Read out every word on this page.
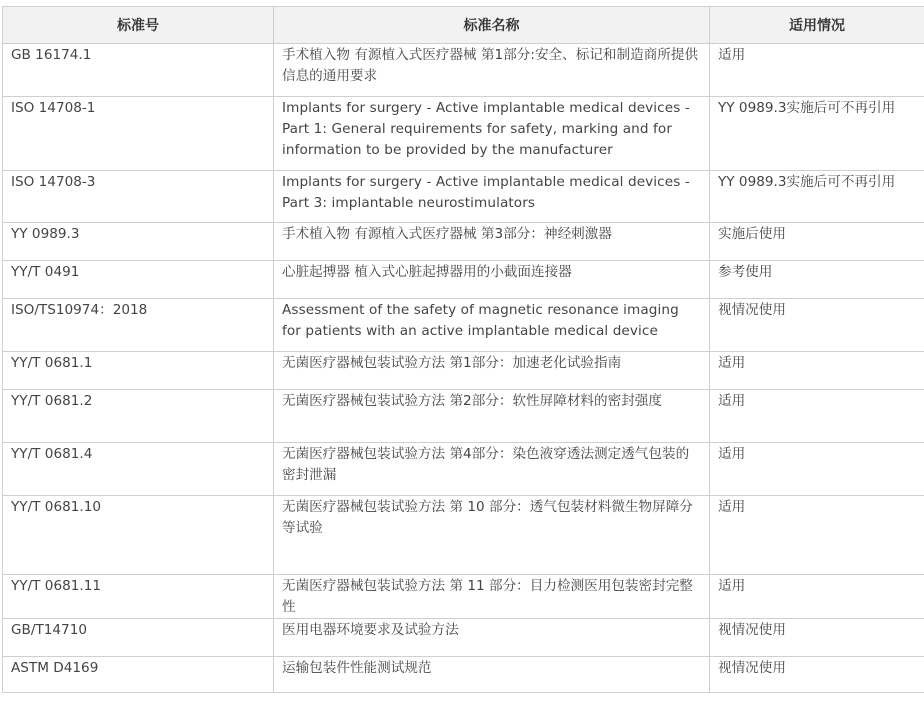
标准号	标准名称	适用情况
GB 16174.1	手术植入物 有源植入式医疗器械 第1部分:安全、标记和制造商所提供信息的通用要求	适用
ISO 14708-1	Implants for surgery - Active implantable medical devices - Part 1: General requirements for safety, marking and for information to be provided by the manufacturer	YY 0989.3实施后可不再引用
ISO 14708-3	Implants for surgery - Active implantable medical devices - Part 3: implantable neurostimulators	YY 0989.3实施后可不再引用
YY 0989.3	手术植入物 有源植入式医疗器械 第3部分：神经刺激器	实施后使用
YY/T 0491	心脏起搏器 植入式心脏起搏器用的小截面连接器	参考使用
ISO/TS10974：2018	Assessment of the safety of magnetic resonance imaging for patients with an active implantable medical device	视情况使用
YY/T 0681.1	无菌医疗器械包装试验方法 第1部分：加速老化试验指南	适用
YY/T 0681.2	无菌医疗器械包装试验方法 第2部分：软性屏障材料的密封强度	适用
YY/T 0681.4	无菌医疗器械包装试验方法 第4部分：染色液穿透法测定透气包装的密封泄漏	适用
YY/T 0681.10	无菌医疗器械包装试验方法 第 10 部分：透气包装材料微生物屏障分等试验	适用
YY/T 0681.11	无菌医疗器械包装试验方法 第 11 部分：目力检测医用包装密封完整性	适用
GB/T14710	医用电器环境要求及试验方法	视情况使用
ASTM D4169	运输包装件性能测试规范	视情况使用
